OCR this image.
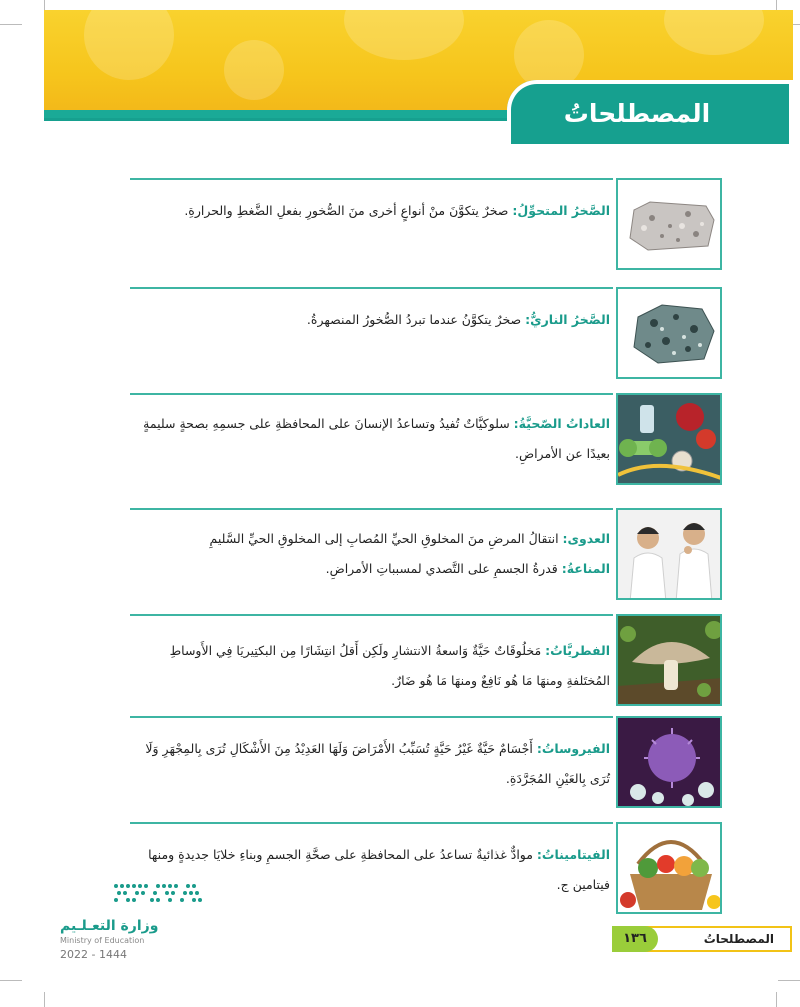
المصطلحاتُ
الصَّخرُ المتحوِّلُ: صخرٌ يتكوَّنَ منْ أنواعٍ أخرى منَ الصُّخورِ بفعلِ الضَّغطِ والحرارةِ.
الصَّخرُ الناريُّ: صخرٌ يتكوَّنُ عندما تبردُ الصُّخورُ المنصهرةُ.
العاداتُ الصّحيَّةُ: سلوكيَّاتٌ تُفيدُ وتساعدُ الإنسانَ على المحافظةِ على جسمِهِ بصحةٍ سليمةٍ بعيدًا عن الأمراضِ.
العدوى: انتقالُ المرضِ منَ المخلوقِ الحيِّ المُصابِ إلى المخلوقِ الحيِّ السَّليمِ
المناعةُ: قدرةُ الجسمِ على التَّصدي لمسبباتِ الأمراضِ.
الفطريَّاتُ: مَخلُوقَاتٌ حَيَّةٌ وَاسعةُ الانتشارِ ولَكِن أَقلُ انتِشَارًا مِن البكتِيريَا فِي الأَوساطِ المُختَلفةِ ومنهَا مَا هُو نَافِعٌ ومنهَا مَا هُو ضَارٌ.
الفيروساتُ: أَجْسَامٌ حَيَّةٌ غَيْرُ حَيَّةٍ تُسَبِّبُ الأَمْرَاضَ وَلَهَا العَدِيْدُ مِنَ الأَشْكَالِ تُرَى بِالمِجْهَرِ وَلَا تُرَى بِالعَيْنِ المُجَرَّدَةِ.
الفيتاميناتُ: موادٌّ غذائيةٌ تساعدُ على المحافظةِ على صحَّةِ الجسمِ وبناءِ خلايَا جديدةٍ ومنها فيتامين ج.
وزارة التعـلـيم
Ministry of Education
2022 - 1444
١٣٦	المصطلحاتُ
